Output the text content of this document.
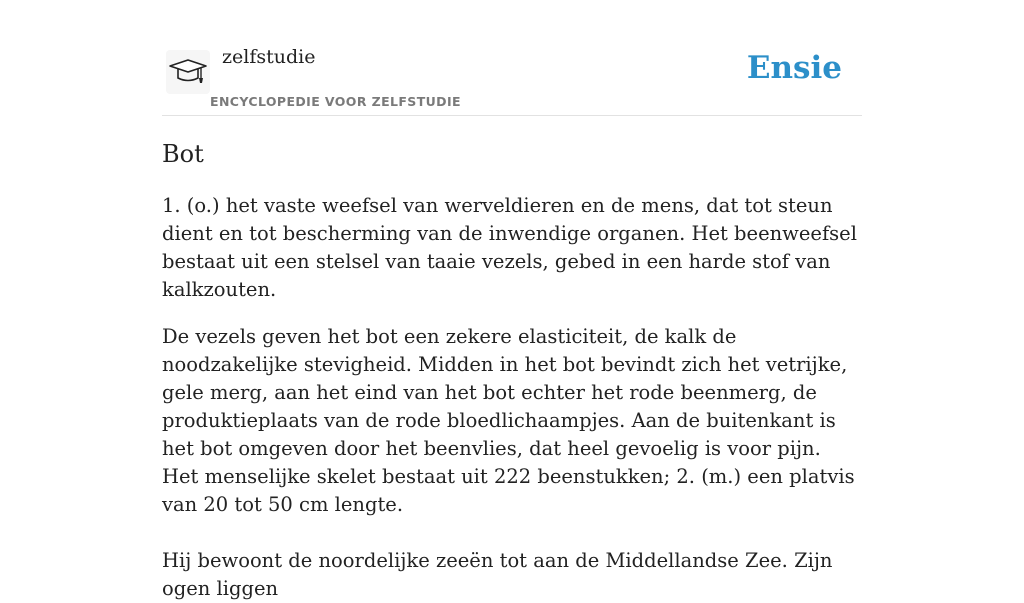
zelfstudie
ENCYCLOPEDIE VOOR ZELFSTUDIE
Ensie
Bot

1. (o.) het vaste weefsel van werveldieren en de mens, dat tot steun dient en tot bescherming van de inwendige organen. Het beenweefsel bestaat uit een stelsel van taaie vezels, gebed in een harde stof van kalkzouten.

De vezels geven het bot een zekere elasticiteit, de kalk de noodzakelijke stevigheid. Midden in het bot bevindt zich het vetrijke, gele merg, aan het eind van het bot echter het rode beenmerg, de produktieplaats van de rode bloedlichaampjes. Aan de buitenkant is het bot omgeven door het beenvlies, dat heel gevoelig is voor pijn. Het menselijke skelet bestaat uit 222 beenstukken; 2. (m.) een platvis van 20 tot 50 cm lengte.

Hij bewoont de noordelijke zeeën tot aan de Middellandse Zee. Zijn ogen liggen
